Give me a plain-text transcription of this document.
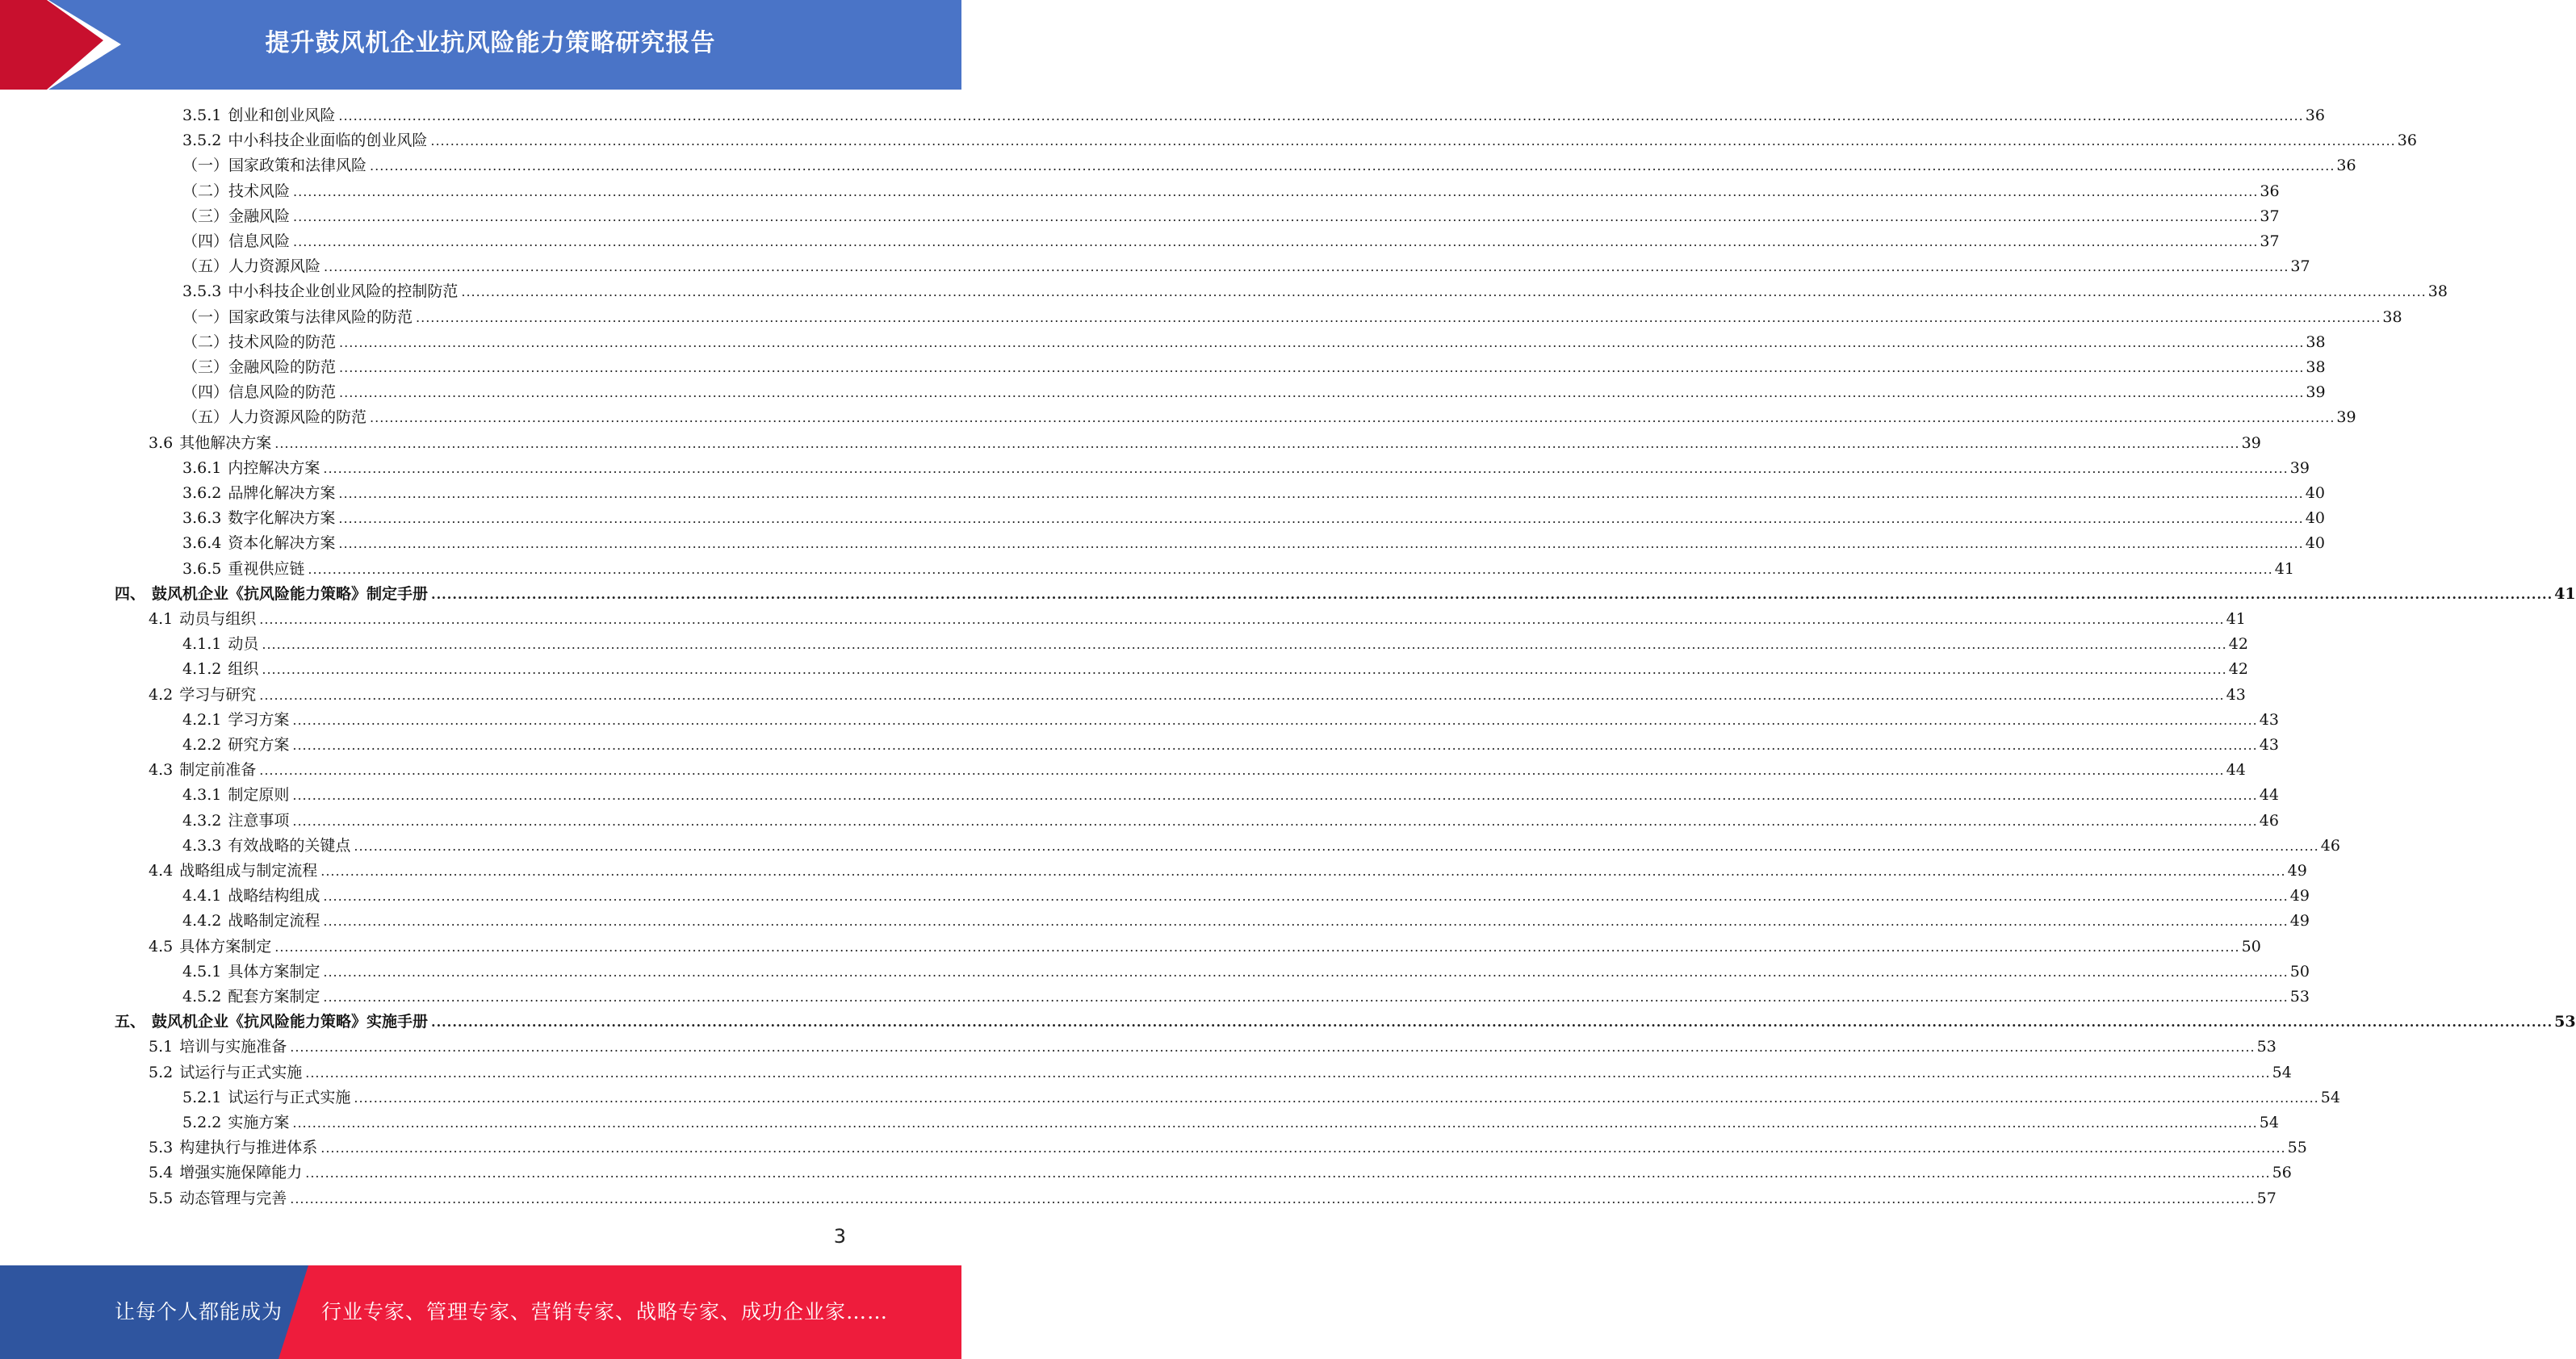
提升鼓风机企业抗风险能力策略研究报告
3.5.1 创业和创业风险 ................................................................................................................................................................................................................................................................................................................................................................................................................ 36
3.5.2 中小科技企业面临的创业风险 ................................................................................................................................................................................................................................................................................................................................................................................................................ 36
（一） 国家政策和法律风险 ................................................................................................................................................................................................................................................................................................................................................................................................................ 36
（二） 技术风险 ................................................................................................................................................................................................................................................................................................................................................................................................................ 36
（三） 金融风险 ................................................................................................................................................................................................................................................................................................................................................................................................................ 37
（四） 信息风险 ................................................................................................................................................................................................................................................................................................................................................................................................................ 37
（五） 人力资源风险 ................................................................................................................................................................................................................................................................................................................................................................................................................ 37
3.5.3 中小科技企业创业风险的控制防范 ................................................................................................................................................................................................................................................................................................................................................................................................................ 38
（一） 国家政策与法律风险的防范 ................................................................................................................................................................................................................................................................................................................................................................................................................ 38
（二） 技术风险的防范 ................................................................................................................................................................................................................................................................................................................................................................................................................ 38
（三） 金融风险的防范 ................................................................................................................................................................................................................................................................................................................................................................................................................ 38
（四） 信息风险的防范 ................................................................................................................................................................................................................................................................................................................................................................................................................ 39
（五） 人力资源风险的防范 ................................................................................................................................................................................................................................................................................................................................................................................................................ 39
3.6 其他解决方案 ................................................................................................................................................................................................................................................................................................................................................................................................................ 39
3.6.1 内控解决方案 ................................................................................................................................................................................................................................................................................................................................................................................................................ 39
3.6.2 品牌化解决方案 ................................................................................................................................................................................................................................................................................................................................................................................................................ 40
3.6.3 数字化解决方案 ................................................................................................................................................................................................................................................................................................................................................................................................................ 40
3.6.4 资本化解决方案 ................................................................................................................................................................................................................................................................................................................................................................................................................ 40
3.6.5 重视供应链 ................................................................................................................................................................................................................................................................................................................................................................................................................ 41
四、 鼓风机企业《抗风险能力策略》制定手册 ................................................................................................................................................................................................................................................................................................................................................................................................................ 41
4.1 动员与组织 ................................................................................................................................................................................................................................................................................................................................................................................................................ 41
4.1.1 动员 ................................................................................................................................................................................................................................................................................................................................................................................................................ 42
4.1.2 组织 ................................................................................................................................................................................................................................................................................................................................................................................................................ 42
4.2 学习与研究 ................................................................................................................................................................................................................................................................................................................................................................................................................ 43
4.2.1 学习方案 ................................................................................................................................................................................................................................................................................................................................................................................................................ 43
4.2.2 研究方案 ................................................................................................................................................................................................................................................................................................................................................................................................................ 43
4.3 制定前准备 ................................................................................................................................................................................................................................................................................................................................................................................................................ 44
4.3.1 制定原则 ................................................................................................................................................................................................................................................................................................................................................................................................................ 44
4.3.2 注意事项 ................................................................................................................................................................................................................................................................................................................................................................................................................ 46
4.3.3 有效战略的关键点 ................................................................................................................................................................................................................................................................................................................................................................................................................ 46
4.4 战略组成与制定流程 ................................................................................................................................................................................................................................................................................................................................................................................................................ 49
4.4.1 战略结构组成 ................................................................................................................................................................................................................................................................................................................................................................................................................ 49
4.4.2 战略制定流程 ................................................................................................................................................................................................................................................................................................................................................................................................................ 49
4.5 具体方案制定 ................................................................................................................................................................................................................................................................................................................................................................................................................ 50
4.5.1 具体方案制定 ................................................................................................................................................................................................................................................................................................................................................................................................................ 50
4.5.2 配套方案制定 ................................................................................................................................................................................................................................................................................................................................................................................................................ 53
五、 鼓风机企业《抗风险能力策略》实施手册 ................................................................................................................................................................................................................................................................................................................................................................................................................ 53
5.1 培训与实施准备 ................................................................................................................................................................................................................................................................................................................................................................................................................ 53
5.2 试运行与正式实施 ................................................................................................................................................................................................................................................................................................................................................................................................................ 54
5.2.1 试运行与正式实施 ................................................................................................................................................................................................................................................................................................................................................................................................................ 54
5.2.2 实施方案 ................................................................................................................................................................................................................................................................................................................................................................................................................ 54
5.3 构建执行与推进体系 ................................................................................................................................................................................................................................................................................................................................................................................................................ 55
5.4 增强实施保障能力 ................................................................................................................................................................................................................................................................................................................................................................................................................ 56
5.5 动态管理与完善 ................................................................................................................................................................................................................................................................................................................................................................................................................ 57
3
让每个人都能成为 行业专家、管理专家、营销专家、战略专家、成功企业家……
